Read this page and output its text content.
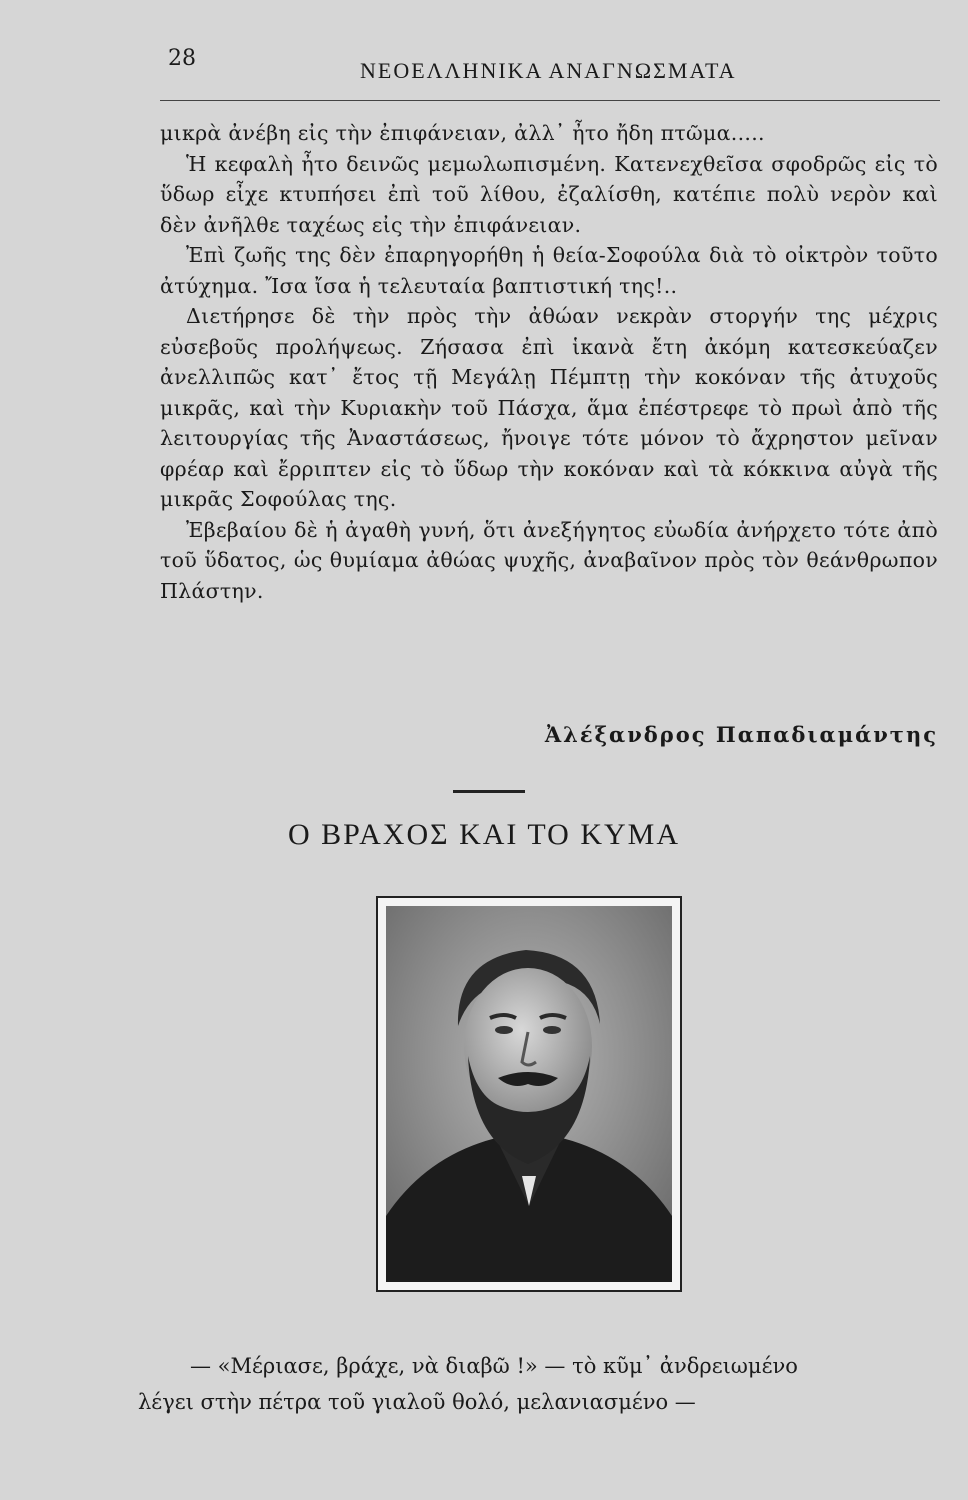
28	ΝΕΟΕΛΛΗΝΙΚΑ ΑΝΑΓΝΩΣΜΑΤΑ

μικρὰ ἀνέβη εἰς τὴν ἐπιφάνειαν, ἀλλ᾿ ἦτο ἤδη πτῶμα.....

Ἡ κεφαλὴ ἦτο δεινῶς μεμωλωπισμένη. Κατενεχθεῖσα σφοδρῶς εἰς τὸ ὕδωρ εἶχε κτυπήσει ἐπὶ τοῦ λίθου, ἐζαλίσθη, κατέπιε πολὺ νερὸν καὶ δὲν ἀνῆλθε ταχέως εἰς τὴν ἐπιφάνειαν.

Ἐπὶ ζωῆς της δὲν ἐπαρηγορήθη ἡ θεία-Σοφούλα διὰ τὸ οἰκτρὸν τοῦτο ἀτύχημα. Ἴσα ἴσα ἡ τελευταία βαπτιστική της!..

Διετήρησε δὲ τὴν πρὸς τὴν ἀθώαν νεκρὰν στοργήν της μέχρις εὐσεβοῦς προλήψεως. Ζήσασα ἐπὶ ἱκανὰ ἔτη ἀκόμη κατεσκεύαζεν ἀνελλιπῶς κατ᾿ ἔτος τῇ Μεγάλῃ Πέμπτῃ τὴν κοκόναν τῆς ἀτυχοῦς μικρᾶς, καὶ τὴν Κυριακὴν τοῦ Πάσχα, ἅμα ἐπέστρεφε τὸ πρωὶ ἀπὸ τῆς λειτουργίας τῆς Ἀναστάσεως, ἤνοιγε τότε μόνον τὸ ἄχρηστον μεῖναν φρέαρ καὶ ἔρριπτεν εἰς τὸ ὕδωρ τὴν κοκόναν καὶ τὰ κόκκινα αὐγὰ τῆς μικρᾶς Σοφούλας της.

Ἐβεβαίου δὲ ἡ ἀγαθὴ γυνή, ὅτι ἀνεξήγητος εὐωδία ἀνήρχετο τότε ἀπὸ τοῦ ὕδατος, ὡς θυμίαμα ἀθώας ψυχῆς, ἀναβαῖνον πρὸς τὸν θεάνθρωπον Πλάστην.

Ἀλέξανδρος Παπαδιαμάντης
Ο ΒΡΑΧΟΣ ΚΑΙ ΤΟ ΚΥΜΑ
— «Μέριασε, βράχε, νὰ διαβῶ !» — τὸ κῦμ᾿ ἀνδρειωμένο
λέγει στὴν πέτρα τοῦ γιαλοῦ θολό, μελανιασμένο —
